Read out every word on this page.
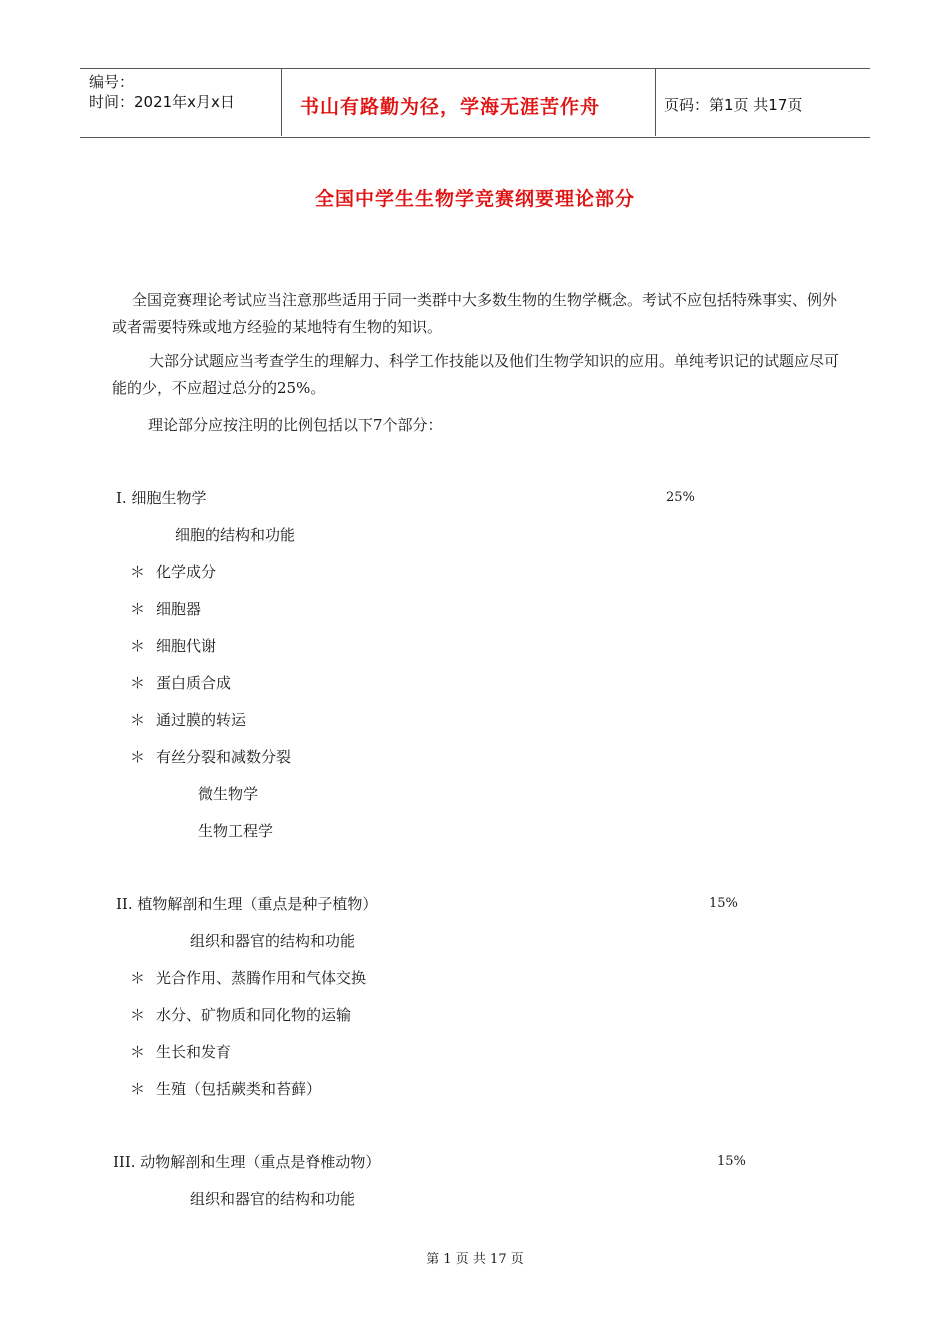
编号：
时间：2021年x月x日	书山有路勤为径，学海无涯苦作舟	页码：第1页 共17页
全国中学生生物学竞赛纲要理论部分
全国竞赛理论考试应当注意那些适用于同一类群中大多数生物的生物学概念。考试不应包括特殊事实、例外或者需要特殊或地方经验的某地特有生物的知识。
大部分试题应当考查学生的理解力、科学工作技能以及他们生物学知识的应用。单纯考识记的试题应尽可能的少，不应超过总分的25%。
理论部分应按注明的比例包括以下7个部分：
I. 细胞生物学	25%
细胞的结构和功能
＊ 化学成分
＊ 细胞器
＊ 细胞代谢
＊ 蛋白质合成
＊ 通过膜的转运
＊ 有丝分裂和减数分裂
微生物学
生物工程学
II. 植物解剖和生理（重点是种子植物）	15%
组织和器官的结构和功能
＊ 光合作用、蒸腾作用和气体交换
＊ 水分、矿物质和同化物的运输
＊ 生长和发育
＊ 生殖（包括蕨类和苔藓）
III. 动物解剖和生理（重点是脊椎动物）	15%
组织和器官的结构和功能
第 1 页 共 17 页
